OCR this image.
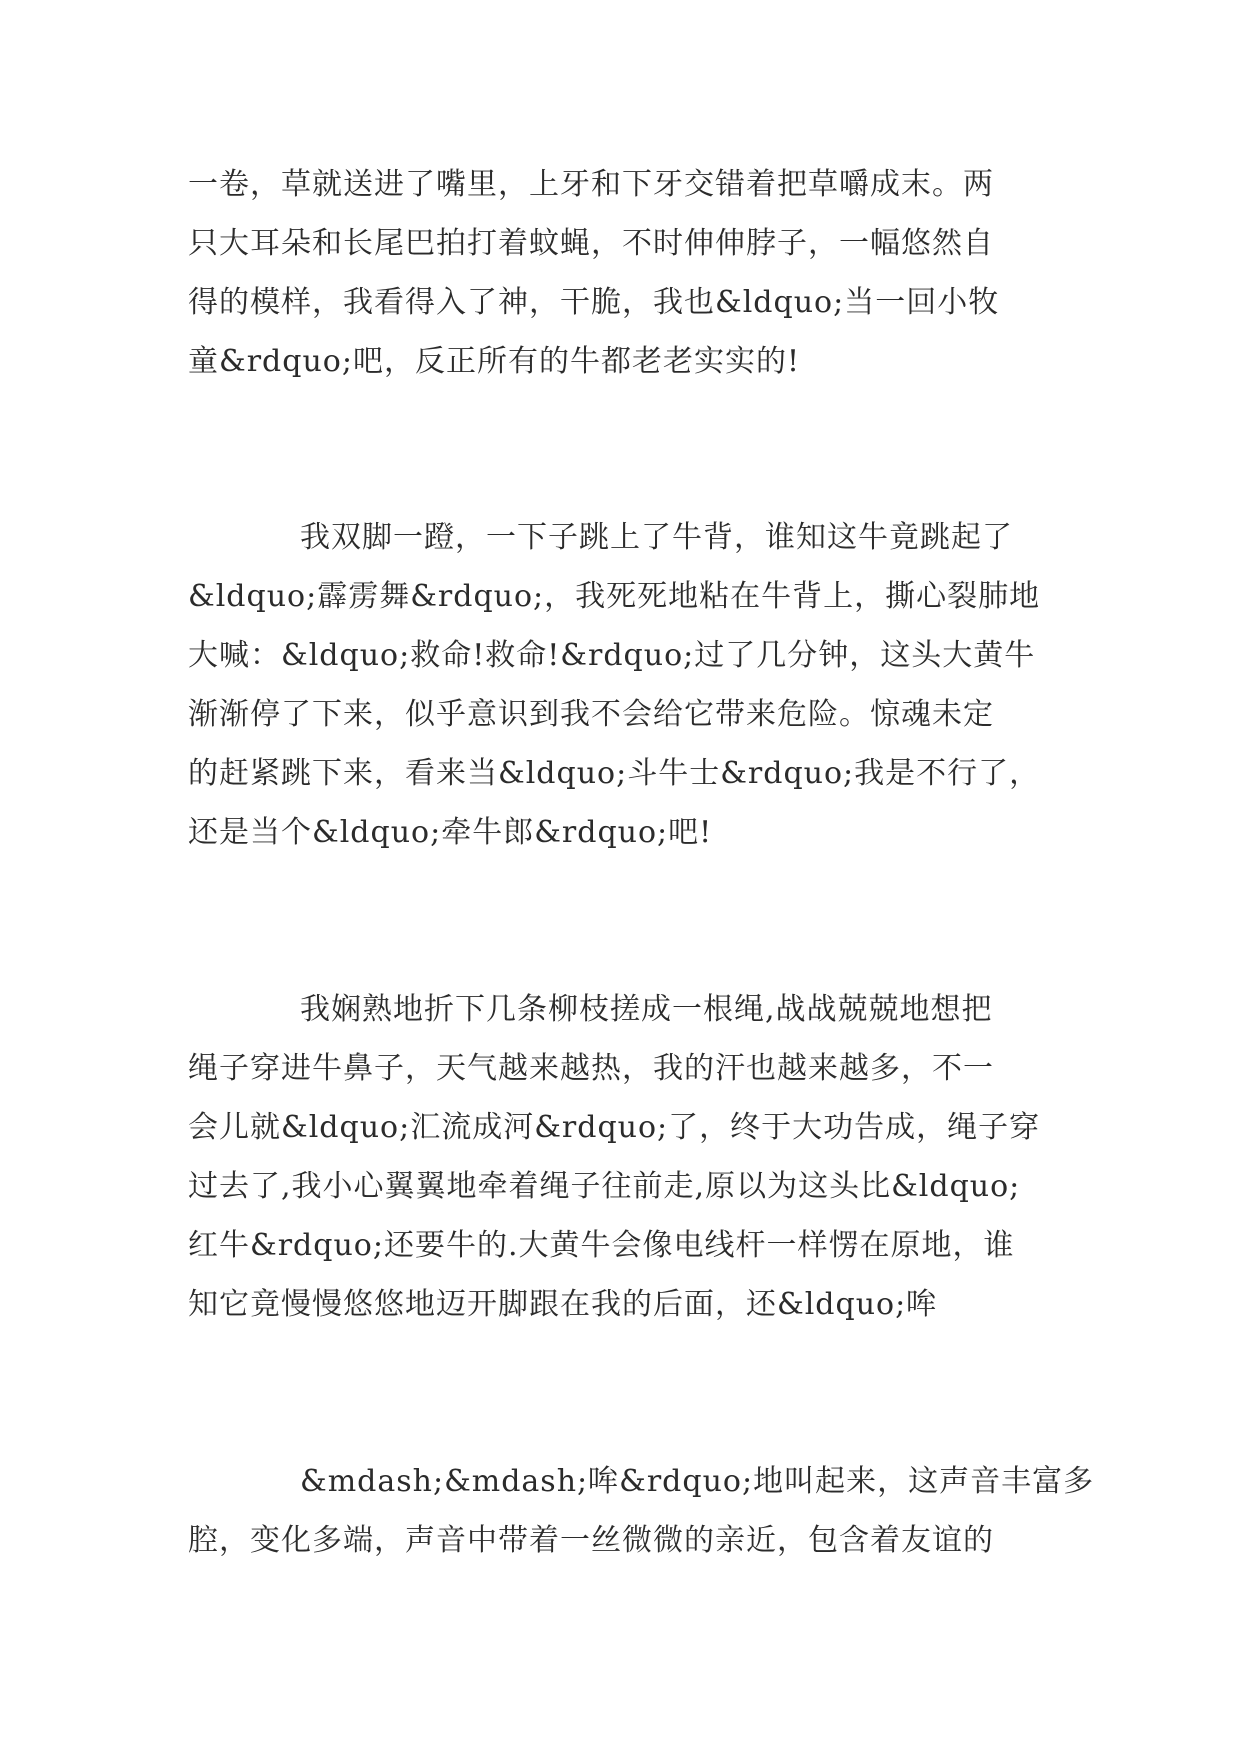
一卷，草就送进了嘴里，上牙和下牙交错着把草嚼成末。两
只大耳朵和长尾巴拍打着蚊蝇，不时伸伸脖子，一幅悠然自
得的模样，我看得入了神，干脆，我也&ldquo;当一回小牧
童&rdquo;吧，反正所有的牛都老老实实的!
我双脚一蹬，一下子跳上了牛背，谁知这牛竟跳起了
&ldquo;霹雳舞&rdquo;，我死死地粘在牛背上，撕心裂肺地
大喊：&ldquo;救命!救命!&rdquo;过了几分钟，这头大黄牛
渐渐停了下来，似乎意识到我不会给它带来危险。惊魂未定
的赶紧跳下来，看来当&ldquo;斗牛士&rdquo;我是不行了，
还是当个&ldquo;牵牛郎&rdquo;吧!
我娴熟地折下几条柳枝搓成一根绳,战战兢兢地想把
绳子穿进牛鼻子，天气越来越热，我的汗也越来越多，不一
会儿就&ldquo;汇流成河&rdquo;了，终于大功告成，绳子穿
过去了,我小心翼翼地牵着绳子往前走,原以为这头比&ldquo;
红牛&rdquo;还要牛的.大黄牛会像电线杆一样愣在原地，谁
知它竟慢慢悠悠地迈开脚跟在我的后面，还&ldquo;哞
&mdash;&mdash;哞&rdquo;地叫起来，这声音丰富多
腔，变化多端，声音中带着一丝微微的亲近，包含着友谊的
